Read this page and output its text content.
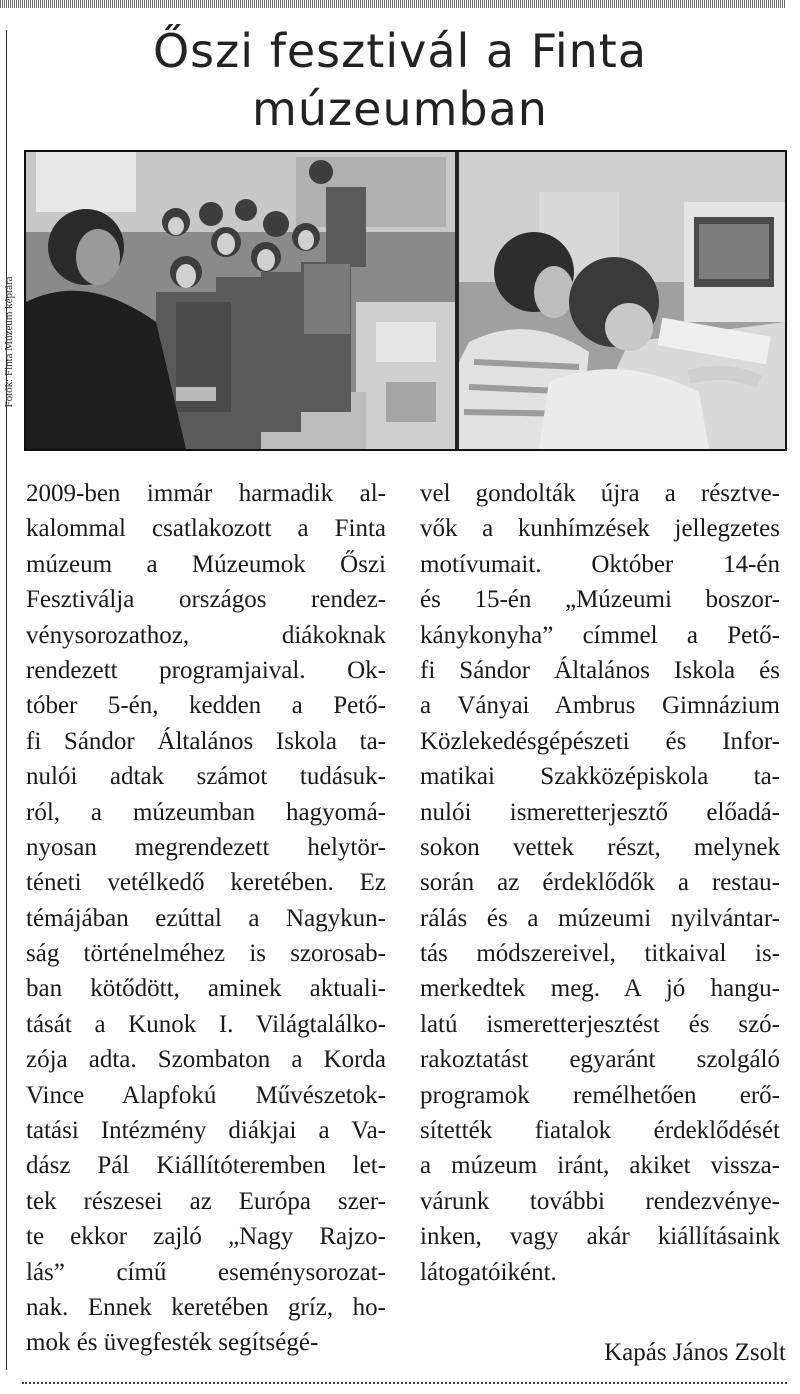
Őszi fesztivál a Finta
múzeumban
Fotók: Finta Múzeum képtára
2009-ben immár harmadik al-
kalommal csatlakozott a Finta
múzeum a Múzeumok Őszi
Fesztiválja országos rendez-
vénysorozathoz, diákoknak
rendezett programjaival. Ok-
tóber 5-én, kedden a Pető-
fi Sándor Általános Iskola ta-
nulói adtak számot tudásuk-
ról, a múzeumban hagyomá-
nyosan megrendezett helytör-
téneti vetélkedő keretében. Ez
témájában ezúttal a Nagykun-
ság történelméhez is szorosab-
ban kötődött, aminek aktuali-
tását a Kunok I. Világtalálko-
zója adta. Szombaton a Korda
Vince Alapfokú Művészetok-
tatási Intézmény diákjai a Va-
dász Pál Kiállítóteremben let-
tek részesei az Európa szer-
te ekkor zajló „Nagy Rajzo-
lás” című eseménysorozat-
nak. Ennek keretében gríz, ho-
mok és üvegfesték segítségé-
vel gondolták újra a résztve-
vők a kunhímzések jellegzetes
motívumait. Október 14-én
és 15-én „Múzeumi boszor-
kánykonyha” címmel a Pető-
fi Sándor Általános Iskola és
a Ványai Ambrus Gimnázium
Közlekedésgépészeti és Infor-
matikai Szakközépiskola ta-
nulói ismeretterjesztő előadá-
sokon vettek részt, melynek
során az érdeklődők a restau-
rálás és a múzeumi nyilvántar-
tás módszereivel, titkaival is-
merkedtek meg. A jó hangu-
latú ismeretterjesztést és szó-
rakoztatást egyaránt szolgáló
programok remélhetően erő-
sítették fiatalok érdeklődését
a múzeum iránt, akiket vissza-
várunk további rendezvénye-
inken, vagy akár kiállításaink
látogatóiként.
Kapás János Zsolt
